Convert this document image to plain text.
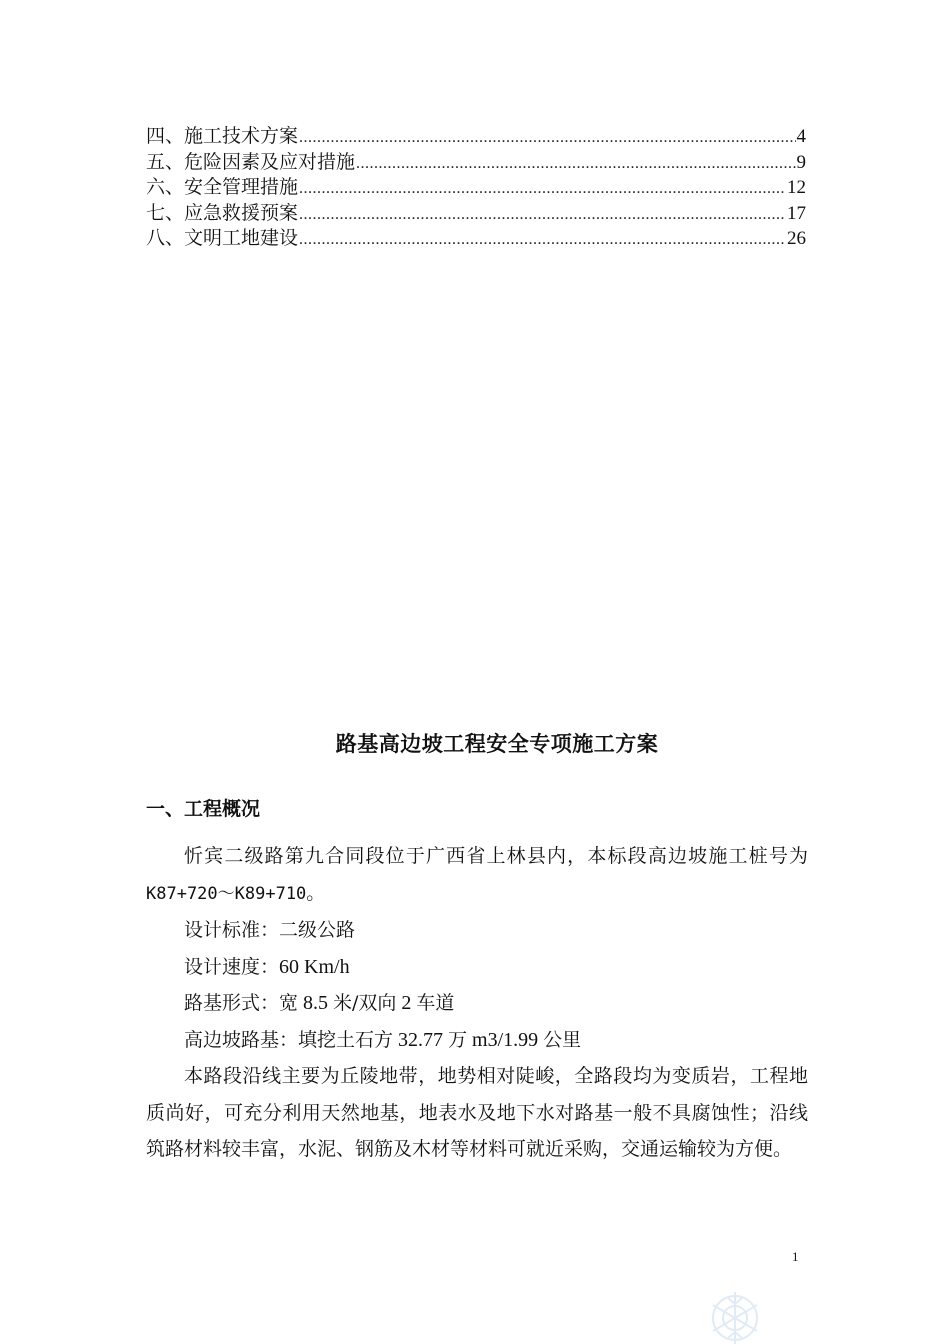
四、施工技术方案 .....	4
五、危险因素及应对措施 .....	9
六、安全管理措施 .....	12
七、应急救援预案 .....	17
八、文明工地建设 .....	26
路基高边坡工程安全专项施工方案
一、工程概况

忻宾二级路第九合同段位于广西省上林县内，本标段高边坡施工桩号为K87+720～K89+710。

设计标准：二级公路

设计速度：60 Km/h

路基形式：宽 8.5 米/双向 2 车道

高边坡路基：填挖土石方 32.77 万 m3/1.99 公里

本路段沿线主要为丘陵地带，地势相对陡峻，全路段均为变质岩，工程地质尚好，可充分利用天然地基，地表水及地下水对路基一般不具腐蚀性；沿线筑路材料较丰富，水泥、钢筋及木材等材料可就近采购，交通运输较为方便。

1
